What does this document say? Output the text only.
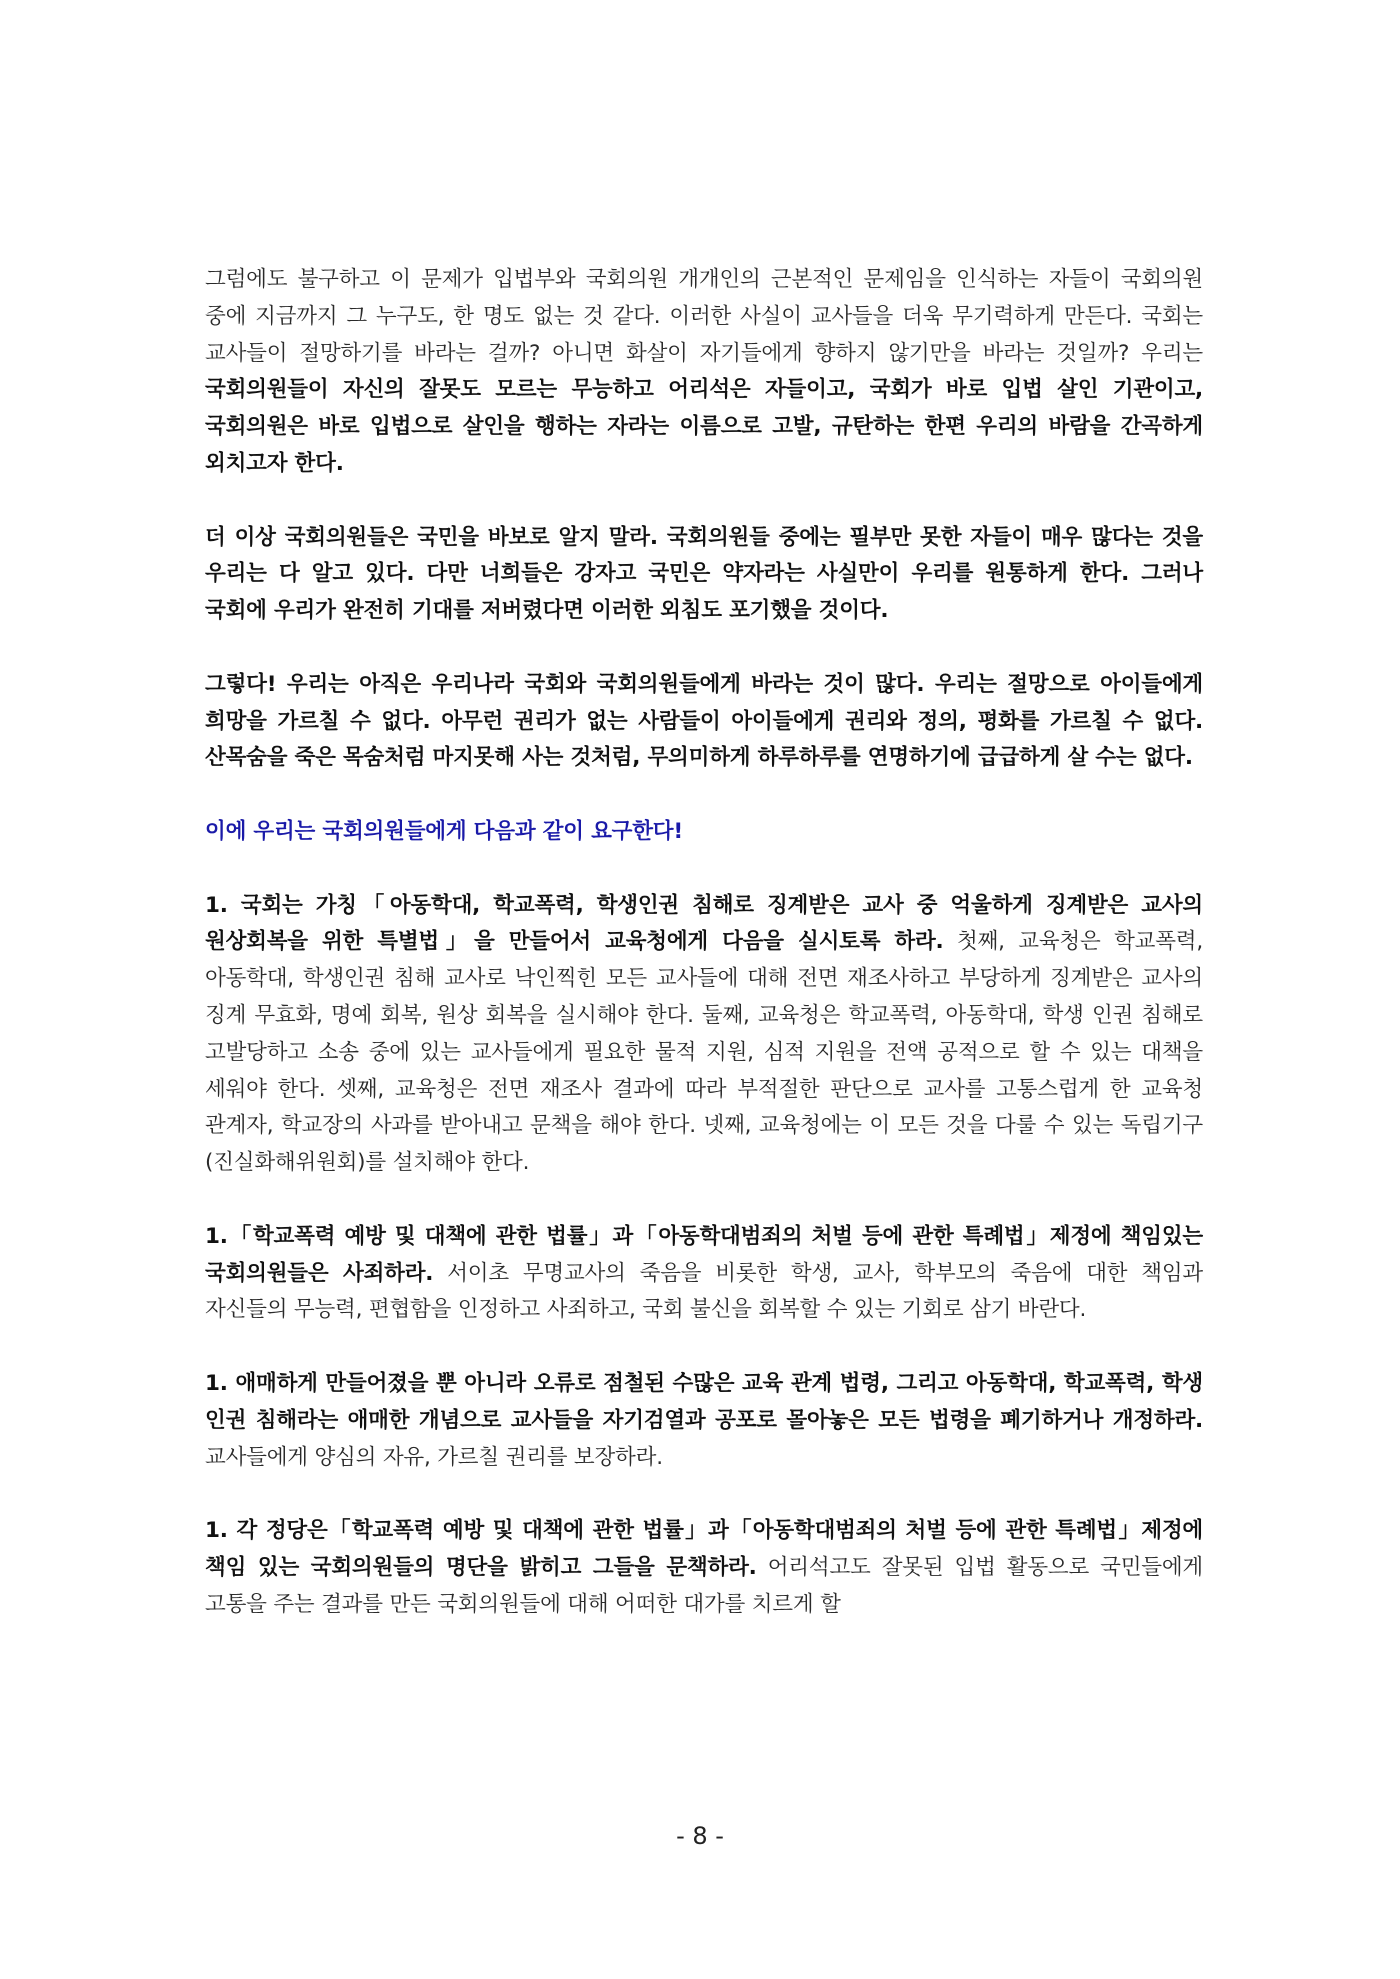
그럼에도 불구하고 이 문제가 입법부와 국회의원 개개인의 근본적인 문제임을 인식하는 자들이 국회의원 중에 지금까지 그 누구도, 한 명도 없는 것 같다. 이러한 사실이 교사들을 더욱 무기력하게 만든다. 국회는 교사들이 절망하기를 바라는 걸까? 아니면 화살이 자기들에게 향하지 않기만을 바라는 것일까? 우리는 국회의원들이 자신의 잘못도 모르는 무능하고 어리석은 자들이고, 국회가 바로 입법 살인 기관이고, 국회의원은 바로 입법으로 살인을 행하는 자라는 이름으로 고발, 규탄하는 한편 우리의 바람을 간곡하게 외치고자 한다.

더 이상 국회의원들은 국민을 바보로 알지 말라. 국회의원들 중에는 필부만 못한 자들이 매우 많다는 것을 우리는 다 알고 있다. 다만 너희들은 강자고 국민은 약자라는 사실만이 우리를 원통하게 한다. 그러나 국회에 우리가 완전히 기대를 저버렸다면 이러한 외침도 포기했을 것이다.

그렇다! 우리는 아직은 우리나라 국회와 국회의원들에게 바라는 것이 많다. 우리는 절망으로 아이들에게 희망을 가르칠 수 없다. 아무런 권리가 없는 사람들이 아이들에게 권리와 정의, 평화를 가르칠 수 없다. 산목숨을 죽은 목숨처럼 마지못해 사는 것처럼, 무의미하게 하루하루를 연명하기에 급급하게 살 수는 없다.

이에 우리는 국회의원들에게 다음과 같이 요구한다!

1. 국회는 가칭「아동학대, 학교폭력, 학생인권 침해로 징계받은 교사 중 억울하게 징계받은 교사의 원상회복을 위한 특별법」을 만들어서 교육청에게 다음을 실시토록 하라. 첫째, 교육청은 학교폭력, 아동학대, 학생인권 침해 교사로 낙인찍힌 모든 교사들에 대해 전면 재조사하고 부당하게 징계받은 교사의 징계 무효화, 명예 회복, 원상 회복을 실시해야 한다. 둘째, 교육청은 학교폭력, 아동학대, 학생 인권 침해로 고발당하고 소송 중에 있는 교사들에게 필요한 물적 지원, 심적 지원을 전액 공적으로 할 수 있는 대책을 세워야 한다. 셋째, 교육청은 전면 재조사 결과에 따라 부적절한 판단으로 교사를 고통스럽게 한 교육청 관계자, 학교장의 사과를 받아내고 문책을 해야 한다. 넷째, 교육청에는 이 모든 것을 다룰 수 있는 독립기구(진실화해위원회)를 설치해야 한다.

1.「학교폭력 예방 및 대책에 관한 법률」과「아동학대범죄의 처벌 등에 관한 특례법」제정에 책임있는 국회의원들은 사죄하라. 서이초 무명교사의 죽음을 비롯한 학생, 교사, 학부모의 죽음에 대한 책임과 자신들의 무능력, 편협함을 인정하고 사죄하고, 국회 불신을 회복할 수 있는 기회로 삼기 바란다.

1. 애매하게 만들어졌을 뿐 아니라 오류로 점철된 수많은 교육 관계 법령, 그리고 아동학대, 학교폭력, 학생 인권 침해라는 애매한 개념으로 교사들을 자기검열과 공포로 몰아놓은 모든 법령을 폐기하거나 개정하라. 교사들에게 양심의 자유, 가르칠 권리를 보장하라.

1. 각 정당은「학교폭력 예방 및 대책에 관한 법률」과「아동학대범죄의 처벌 등에 관한 특례법」제정에 책임 있는 국회의원들의 명단을 밝히고 그들을 문책하라. 어리석고도 잘못된 입법 활동으로 국민들에게 고통을 주는 결과를 만든 국회의원들에 대해 어떠한 대가를 치르게 할

- 8 -
